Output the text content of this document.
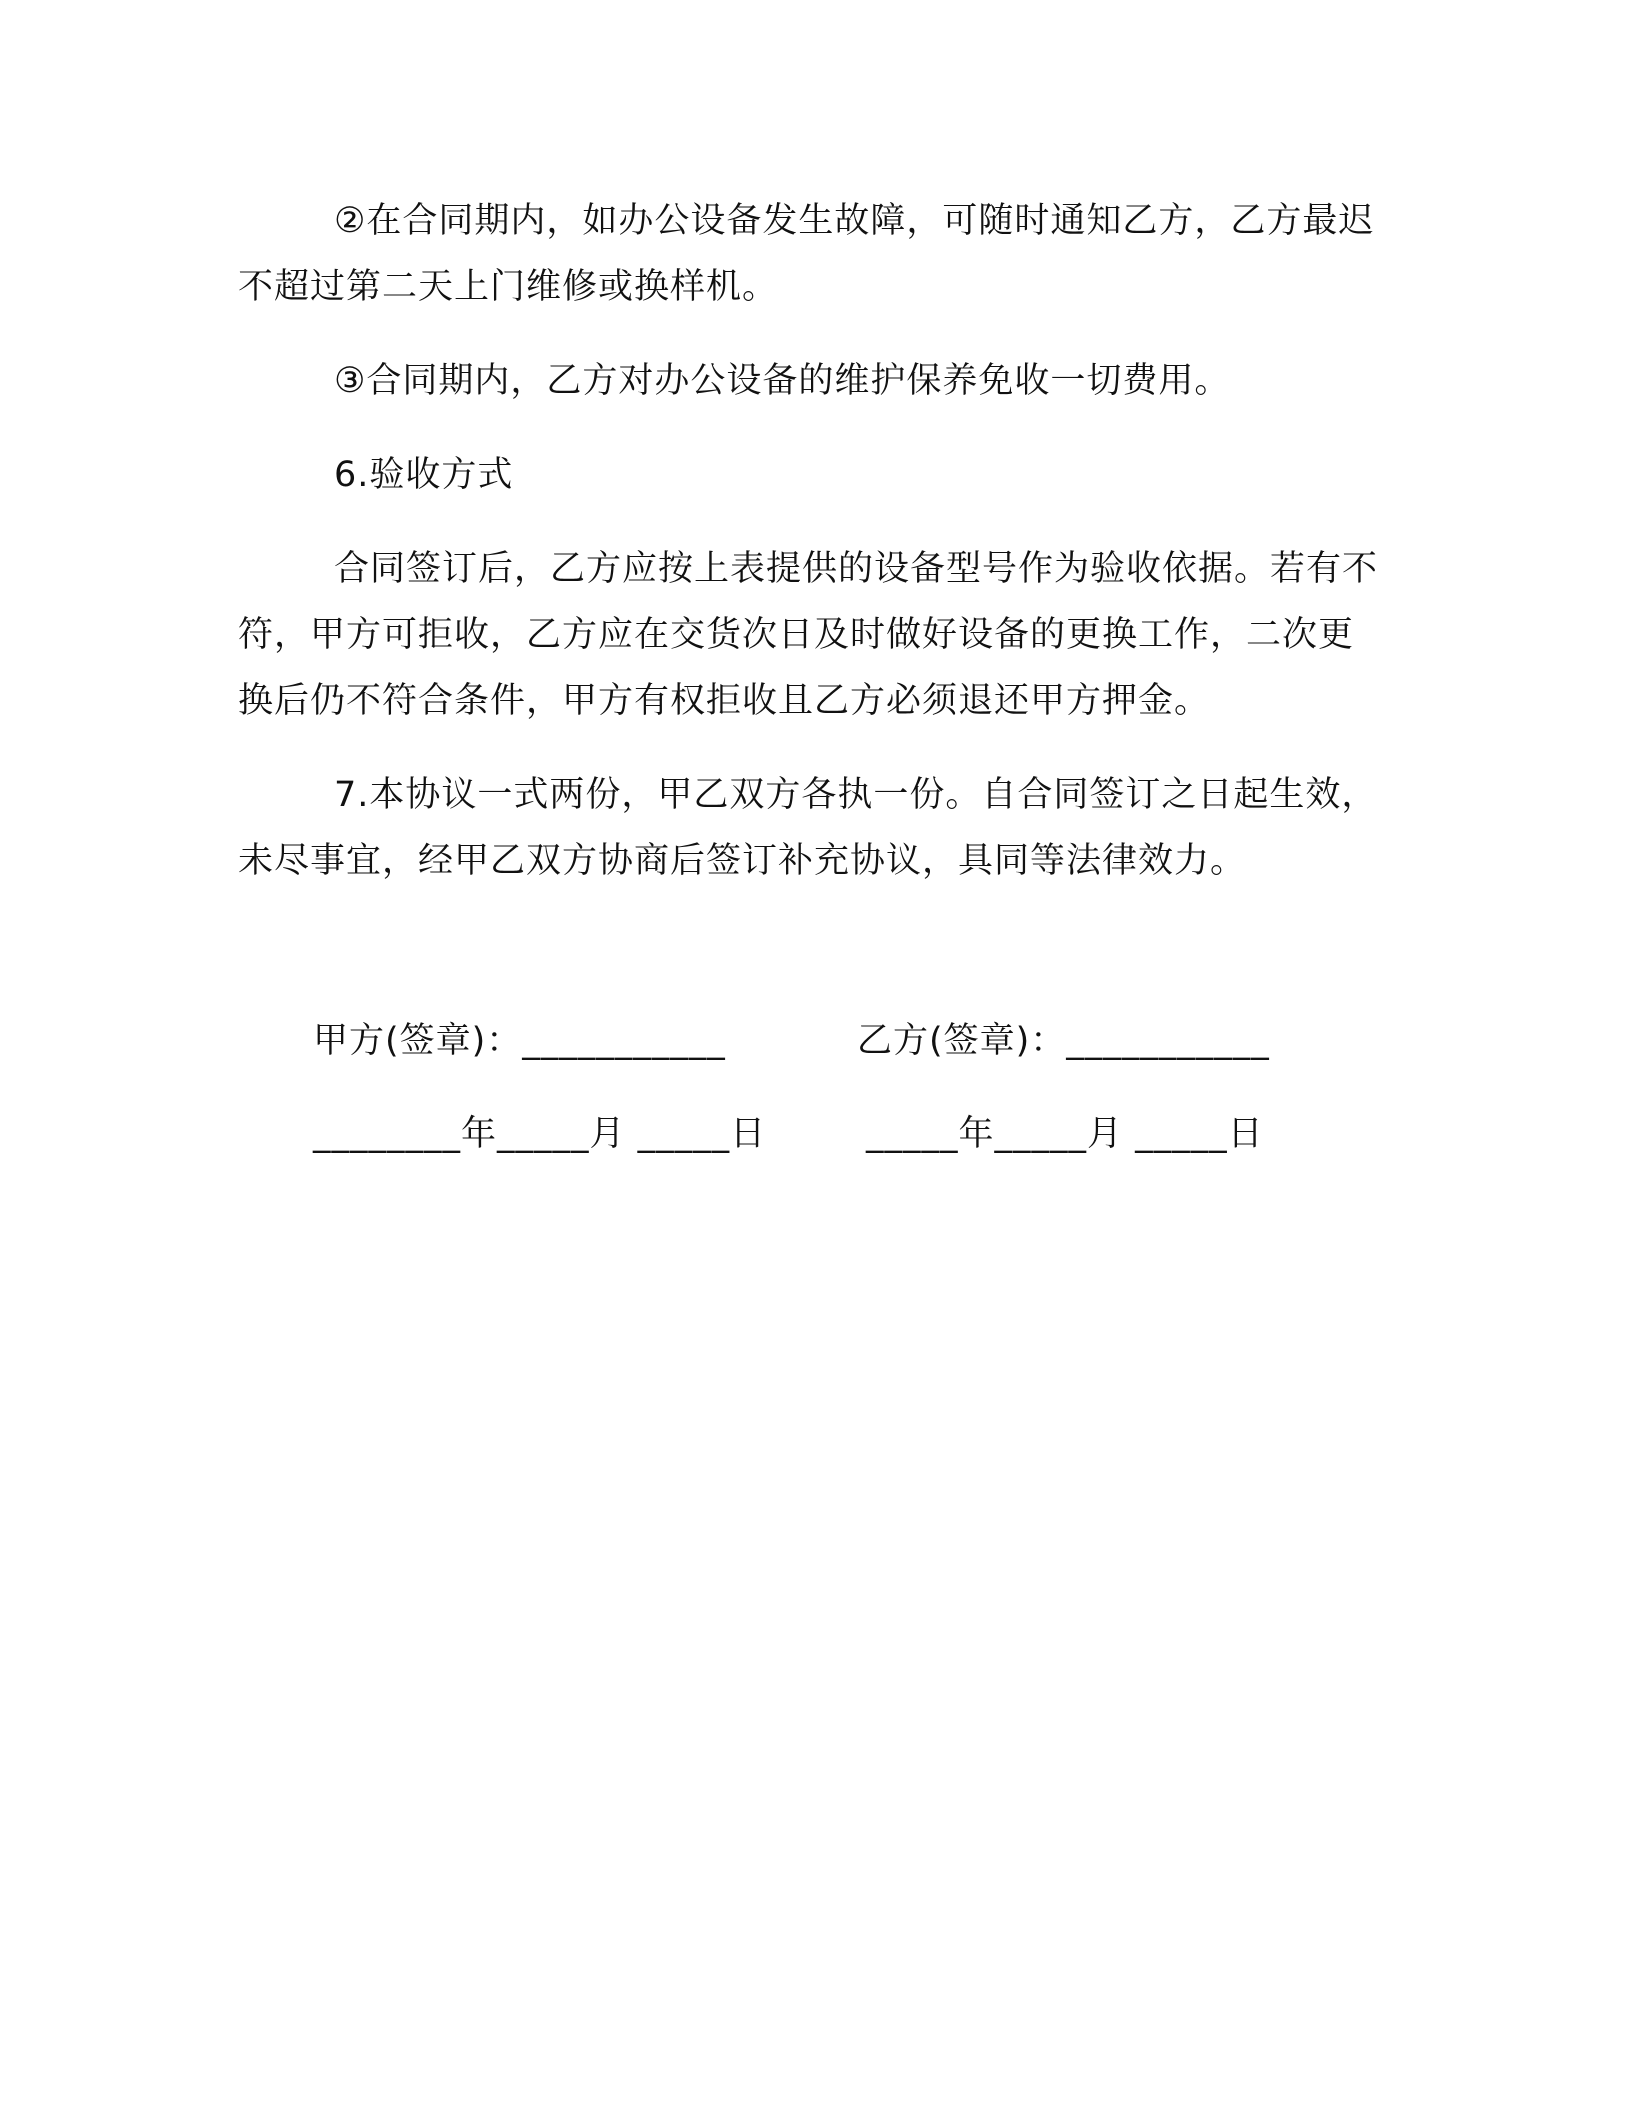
②在合同期内，如办公设备发生故障，可随时通知乙方，乙方最迟不超过第二天上门维修或换样机。

③合同期内，乙方对办公设备的维护保养免收一切费用。

6.验收方式

合同签订后，乙方应按上表提供的设备型号作为验收依据。若有不符，甲方可拒收，乙方应在交货次日及时做好设备的更换工作，二次更换后仍不符合条件，甲方有权拒收且乙方必须退还甲方押金。

7.本协议一式两份，甲乙双方各执一份。自合同签订之日起生效，未尽事宜，经甲乙双方协商后签订补充协议，具同等法律效力。

甲方(签章)：___________	乙方(签章)：___________
________年_____月 _____日	_____年_____月 _____日
